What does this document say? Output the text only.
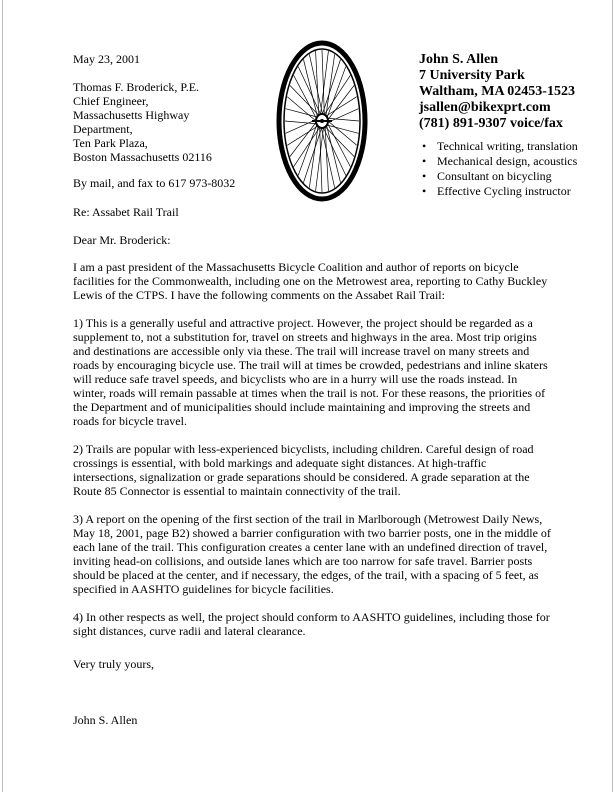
May 23, 2001
Thomas F. Broderick, P.E.
Chief Engineer,
Massachusetts Highway
Department,
Ten Park Plaza,
Boston Massachusetts 02116
By mail, and fax to 617 973-8032
Re: Assabet Rail Trail
Dear Mr. Broderick:

I am a past president of the Massachusetts Bicycle Coalition and author of reports on bicycle facilities for the Commonwealth, including one on the Metrowest area, reporting to Cathy Buckley Lewis of the CTPS. I have the following comments on the Assabet Rail Trail:

1) This is a generally useful and attractive project. However, the project should be regarded as a supplement to, not a substitution for, travel on streets and highways in the area. Most trip origins and destinations are accessible only via these. The trail will increase travel on many streets and roads by encouraging bicycle use. The trail will at times be crowded, pedestrians and inline skaters will reduce safe travel speeds, and bicyclists who are in a hurry will use the roads instead. In winter, roads will remain passable at times when the trail is not. For these reasons, the priorities of the Department and of municipalities should include maintaining and improving the streets and roads for bicycle travel.

2) Trails are popular with less-experienced bicyclists, including children. Careful design of road crossings is essential, with bold markings and adequate sight distances. At high-traffic intersections, signalization or grade separations should be considered. A grade separation at the Route 85 Connector is essential to maintain connectivity of the trail.

3) A report on the opening of the first section of the trail in Marlborough (Metrowest Daily News, May 18, 2001, page B2) showed a barrier configuration with two barrier posts, one in the middle of each lane of the trail. This configuration creates a center lane with an undefined direction of travel, inviting head-on collisions, and outside lanes which are too narrow for safe travel. Barrier posts should be placed at the center, and if necessary, the edges, of the trail, with a spacing of 5 feet, as specified in AASHTO guidelines for bicycle facilities.

4) In other respects as well, the project should conform to AASHTO guidelines, including those for sight distances, curve radii and lateral clearance.

Very truly yours,
John S. Allen
John S. Allen
7 University Park
Waltham, MA 02453-1523
jsallen@bikexprt.com
(781) 891-9307 voice/fax
• Technical writing, translation
• Mechanical design, acoustics
• Consultant on bicycling
• Effective Cycling instructor
